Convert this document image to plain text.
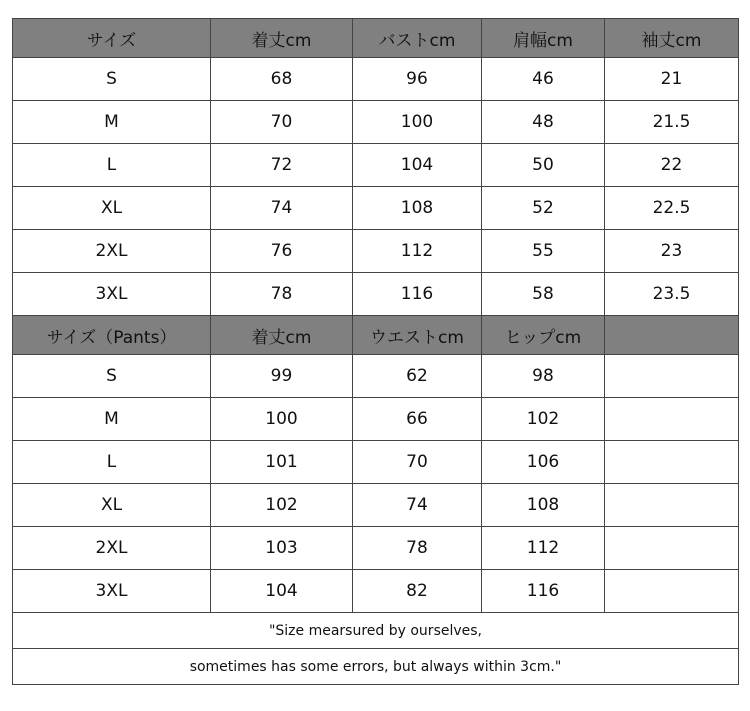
サイズ	着丈cm	バストcm	肩幅cm	袖丈cm
S	68	96	46	21
M	70	100	48	21.5
L	72	104	50	22
XL	74	108	52	22.5
2XL	76	112	55	23
3XL	78	116	58	23.5
サイズ（Pants）	着丈cm	ウエストcm	ヒップcm	
S	99	62	98	
M	100	66	102	
L	101	70	106	
XL	102	74	108	
2XL	103	78	112	
3XL	104	82	116	
"Size mearsured by ourselves,				
sometimes has some errors, but always within 3cm."				
